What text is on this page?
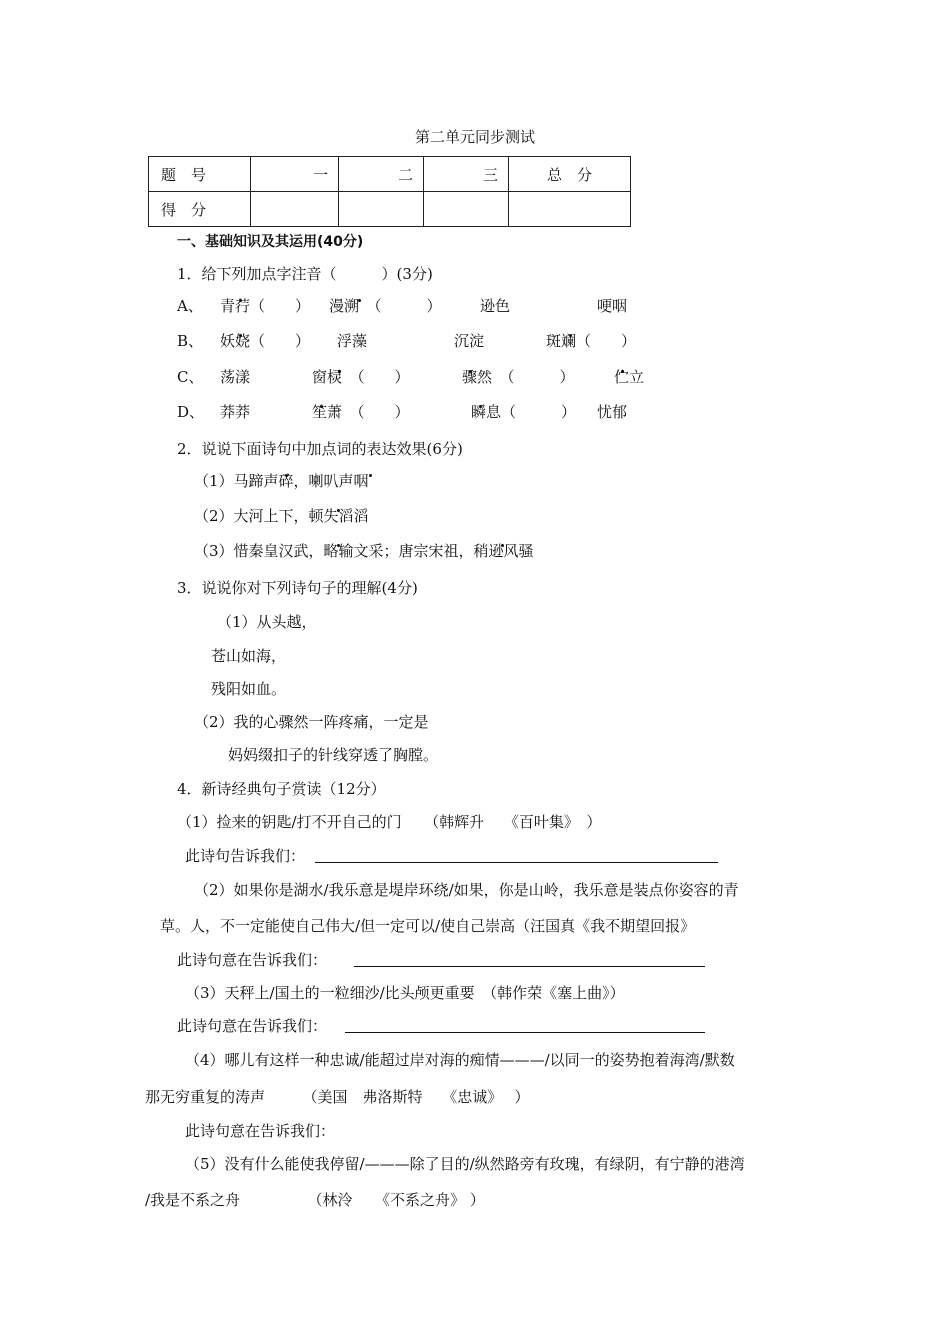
第二单元同步测试
题　号	一	二	三	总　分
得　分				
一、基础知识及其运用(40分)
1．给下列加点字注音（　　　）(3分)
A、 青荇（　　） 漫溯　（　　　）	逊色	哽咽
B、 妖娆（　　） 浮藻	沉淀	斑斓（　　）
C、 荡漾	窗棂　（　　）	骤然　（　　　）	伫立
D、 莽莽	笙萧　（　　）	瞬息（　　　） 忧郁
2．说说下面诗句中加点词的表达效果(6分)
（1）马蹄声碎，喇叭声咽
（2）大河上下，顿失滔滔
（3）惜秦皇汉武，略输文采；唐宗宋祖，稍逊风骚
3．说说你对下列诗句子的理解(4分)
（1）从头越，
苍山如海，
残阳如血。
（2）我的心骤然一阵疼痛，一定是
妈妈缀扣子的针线穿透了胸膛。
4．新诗经典句子赏读（12分）
（1）捡来的钥匙/打不开自己的门　　（韩辉升　 《百叶集》　）
此诗句告诉我们：
（2）如果你是湖水/我乐意是堤岸环绕/如果，你是山岭，我乐意是装点你姿容的青
草。人，不一定能使自己伟大/但一定可以/使自己崇高（汪国真《我不期望回报》
此诗句意在告诉我们：
（3）天秤上/国土的一粒细沙/比头颅更重要　（韩作荣《塞上曲》）
此诗句意在告诉我们：
（4）哪儿有这样一种忠诚/能超过岸对海的痴情———/以同一的姿势抱着海湾/默数
那无穷重复的涛声　　　（美国　弗洛斯特　 《忠诚》　 ）
此诗句意在告诉我们：
（5）没有什么能使我停留/———除了目的/纵然路旁有玫瑰，有绿阴，有宁静的港湾
/我是不系之舟　　　　　（林泠　　《不系之舟》 ）
